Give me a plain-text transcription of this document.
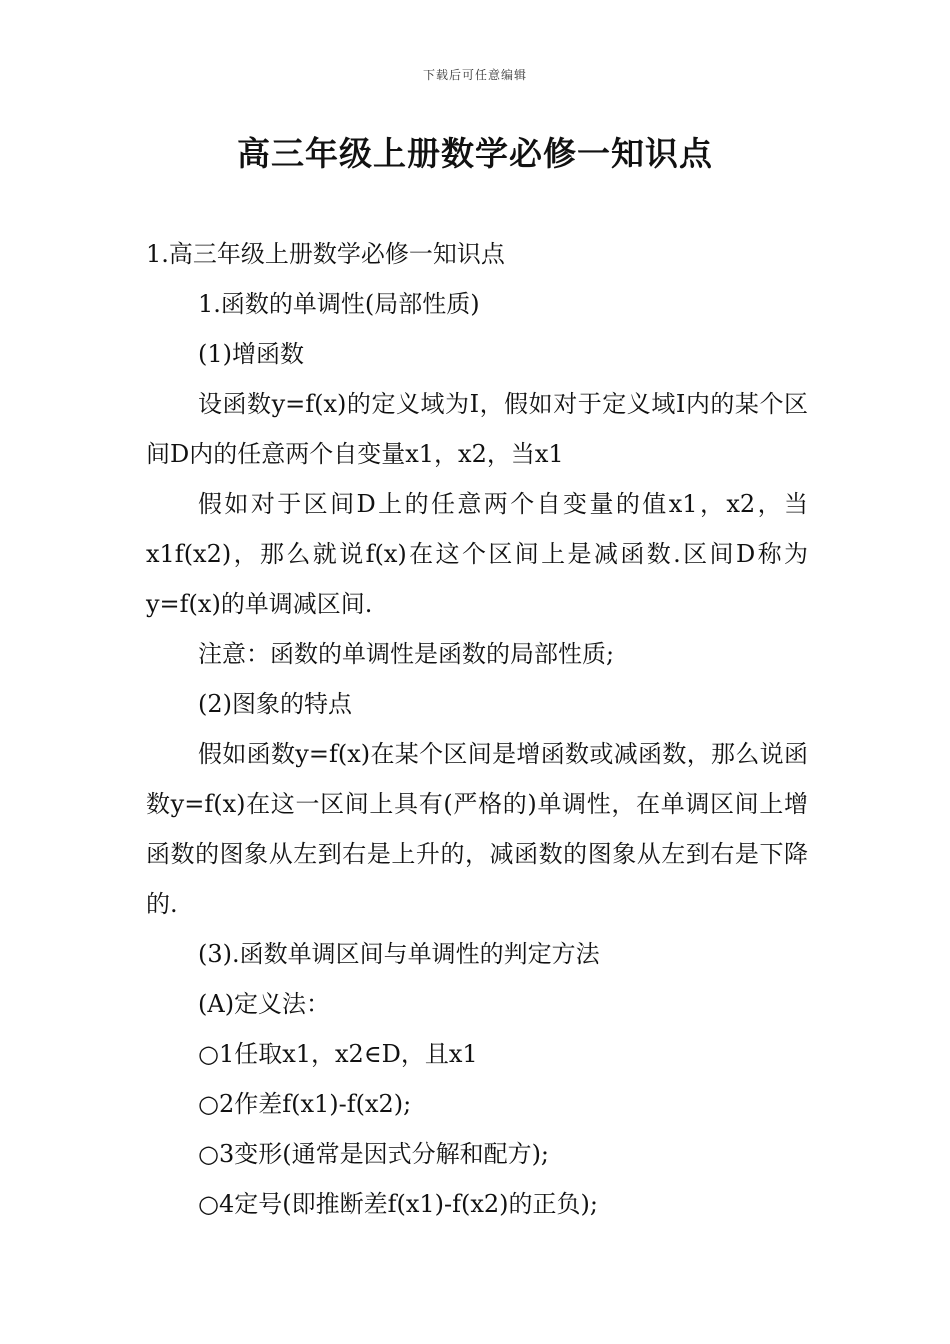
下载后可任意编辑
高三年级上册数学必修一知识点

1.高三年级上册数学必修一知识点

1.函数的单调性(局部性质)

(1)增函数

设函数y=f(x)的定义域为I，假如对于定义域I内的某个区间D内的任意两个自变量x1，x2，当x1

假如对于区间D上的任意两个自变量的值x1，x2，当x1f(x2)，那么就说f(x)在这个区间上是减函数.区间D称为y=f(x)的单调减区间.

注意：函数的单调性是函数的局部性质;

(2)图象的特点

假如函数y=f(x)在某个区间是增函数或减函数，那么说函数y=f(x)在这一区间上具有(严格的)单调性，在单调区间上增函数的图象从左到右是上升的，减函数的图象从左到右是下降的.

(3).函数单调区间与单调性的判定方法

(A)定义法：

○1任取x1，x2∈D，且x1

○2作差f(x1)-f(x2);

○3变形(通常是因式分解和配方);

○4定号(即推断差f(x1)-f(x2)的正负);
